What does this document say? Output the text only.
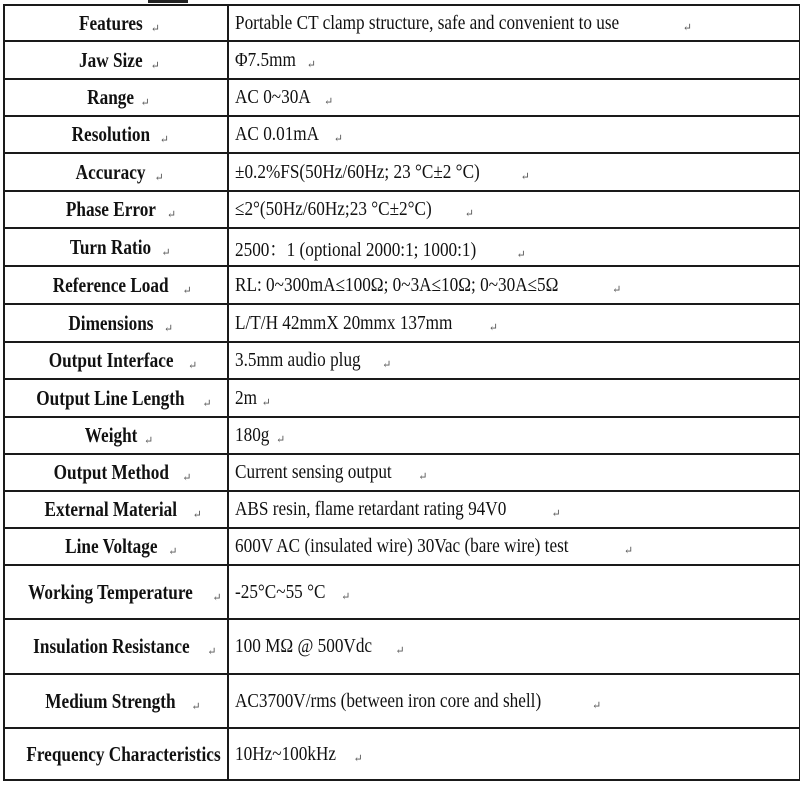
Features ↵	Portable CT clamp structure, safe and convenient to use ↵
Jaw Size ↵	Φ7.5mm ↵
Range ↵	AC 0~30A ↵
Resolution ↵	AC 0.01mA ↵
Accuracy ↵	±0.2%FS(50Hz/60Hz; 23 °C±2 °C) ↵
Phase Error ↵	≤2°(50Hz/60Hz;23 °C±2°C) ↵
Turn Ratio ↵	2500：1 (optional 2000:1; 1000:1) ↵
Reference Load ↵	RL: 0~300mA≤100Ω; 0~3A≤10Ω; 0~30A≤5Ω ↵
Dimensions ↵	L/T/H 42mmX 20mmx 137mm ↵
Output Interface ↵	3.5mm audio plug ↵
Output Line Length ↵	2m ↵
Weight ↵	180g ↵
Output Method ↵	Current sensing output ↵
External Material ↵	ABS resin, flame retardant rating 94V0 ↵
Line Voltage ↵	600V AC (insulated wire) 30Vac (bare wire) test ↵
Working Temperature ↵	-25°C~55 °C ↵
Insulation Resistance ↵	100 MΩ @ 500Vdc ↵
Medium Strength ↵	AC3700V/rms (between iron core and shell) ↵
Frequency Characteristics	10Hz~100kHz ↵
